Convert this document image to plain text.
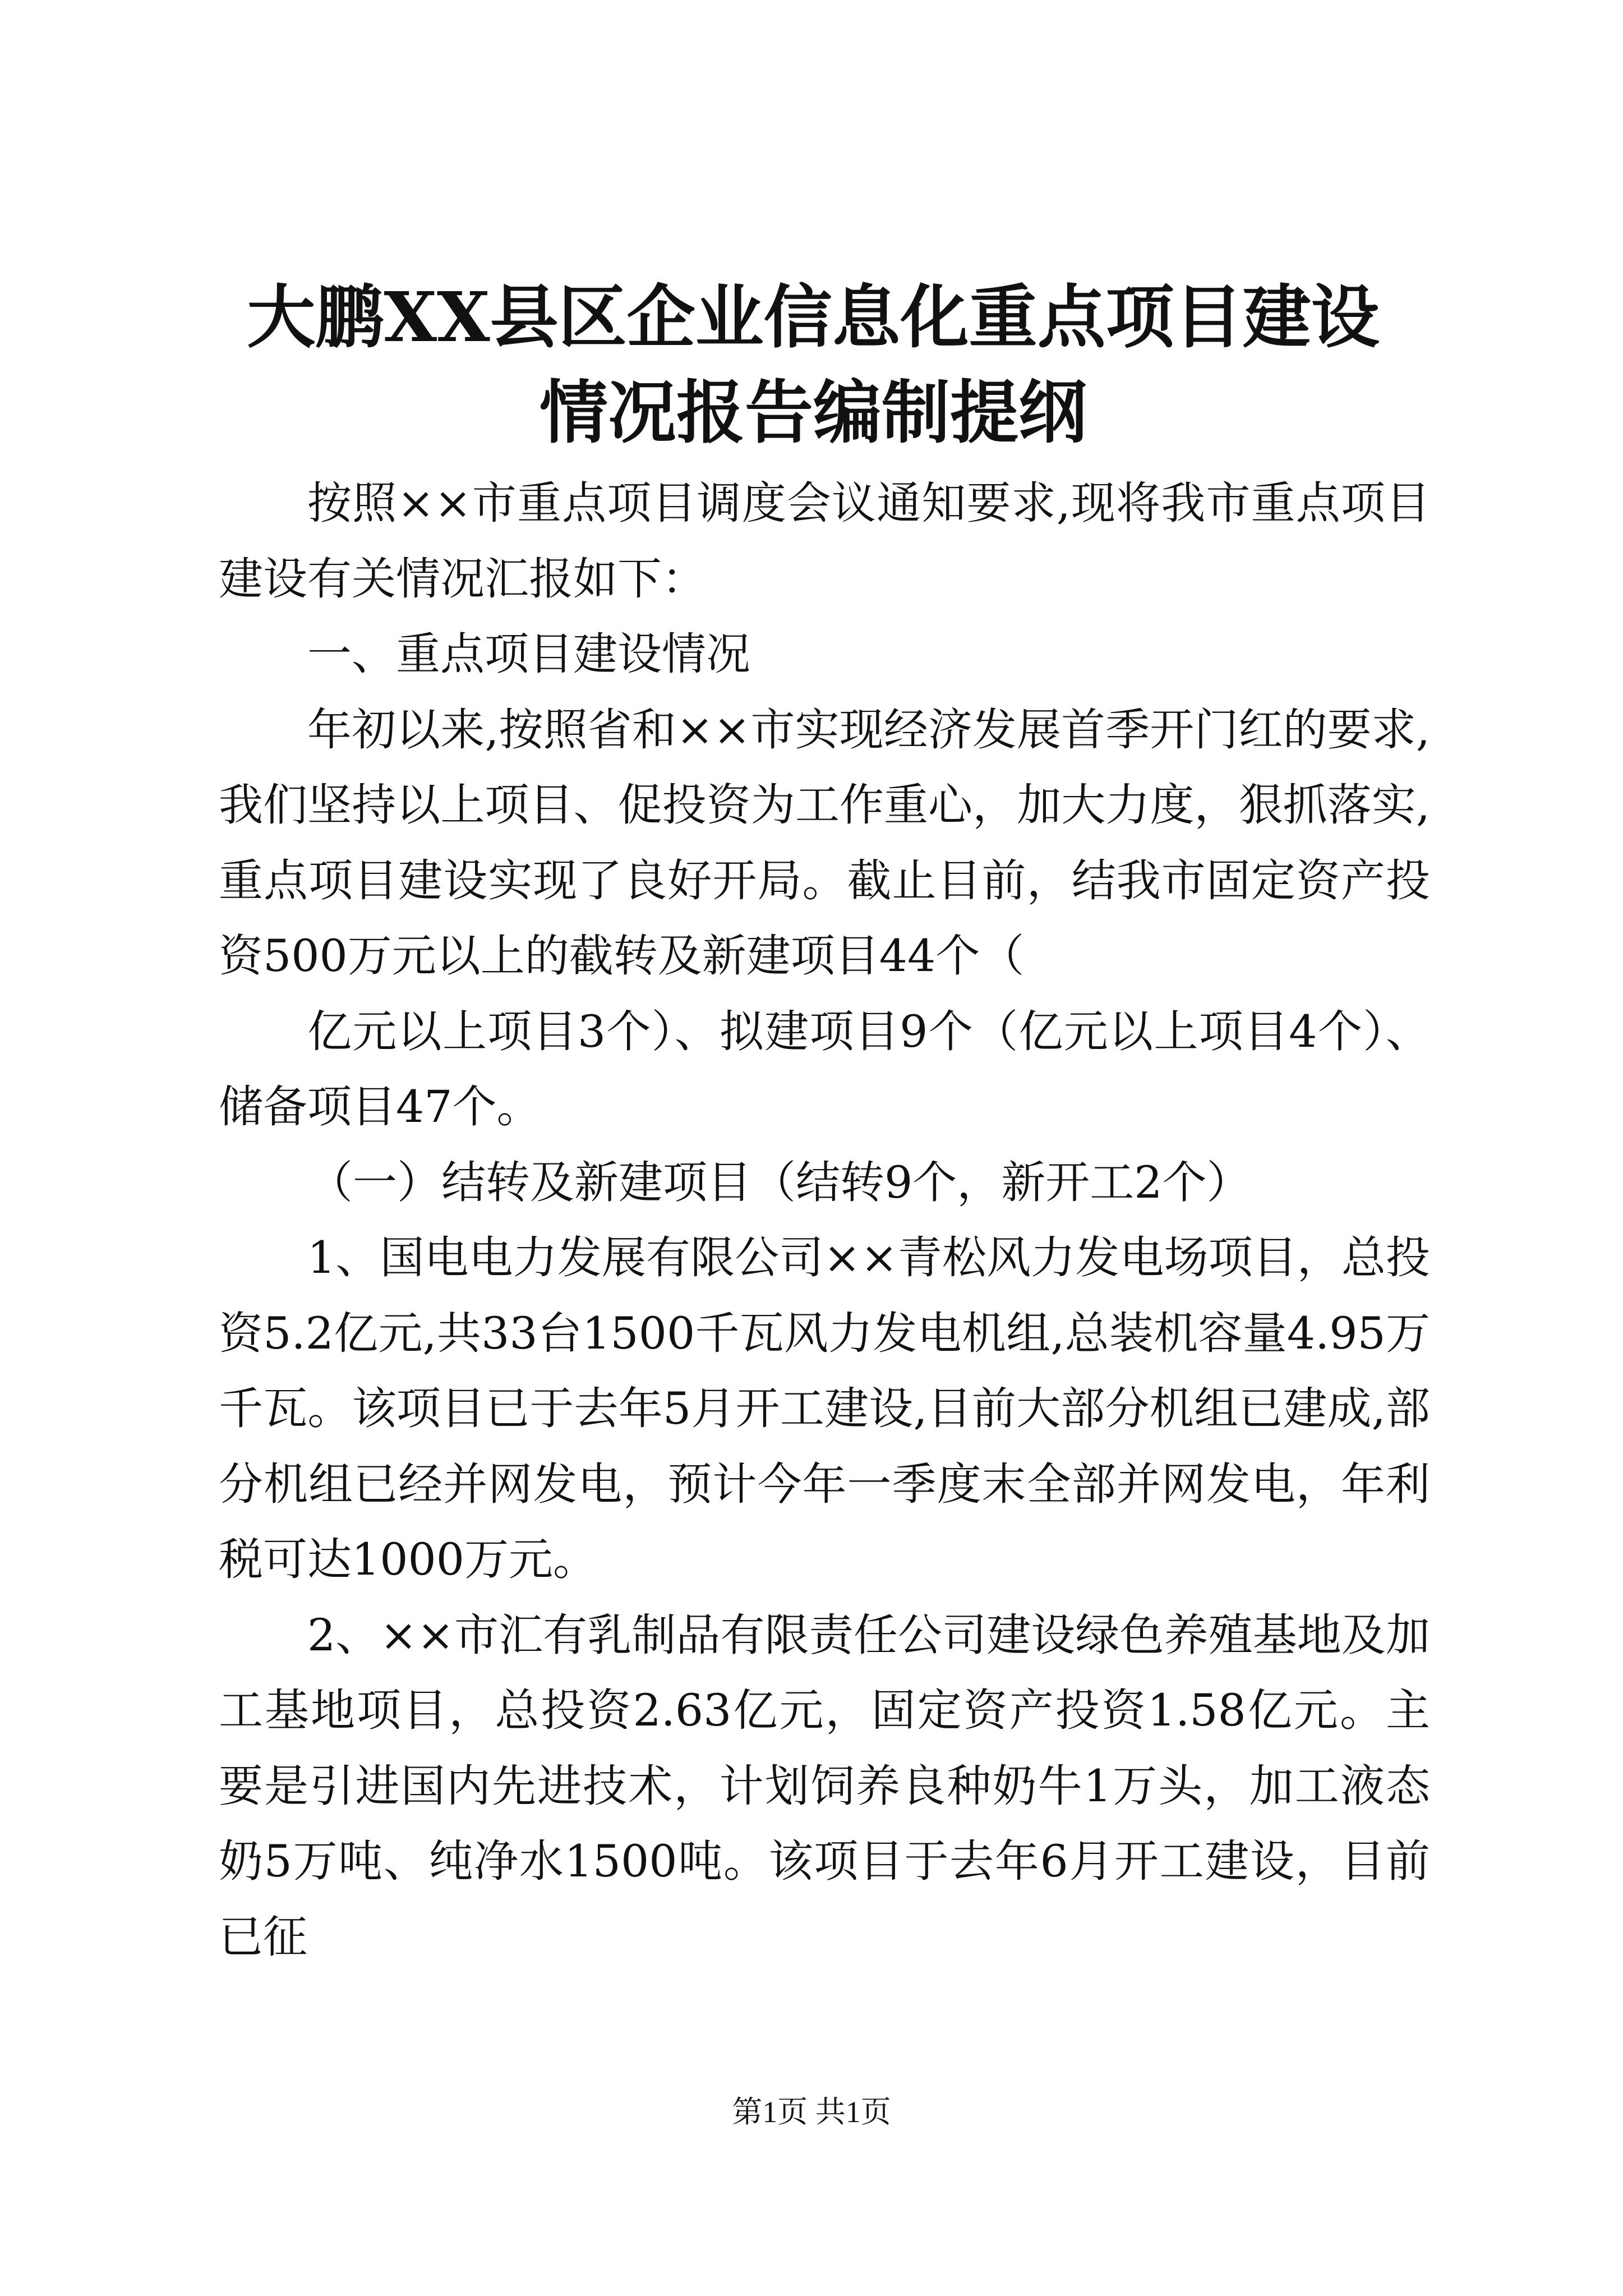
大鹏XX县区企业信息化重点项目建设情况报告编制提纲

按照××市重点项目调度会议通知要求,现将我市重点项目建设有关情况汇报如下：

一、重点项目建设情况

年初以来,按照省和××市实现经济发展首季开门红的要求,我们坚持以上项目、促投资为工作重心，加大力度，狠抓落实,重点项目建设实现了良好开局。截止目前，结我市固定资产投资500万元以上的截转及新建项目44个（

亿元以上项目3个）、拟建项目9个（亿元以上项目4个）、储备项目47个。

（一）结转及新建项目（结转9个，新开工2个）

1、国电电力发展有限公司××青松风力发电场项目，总投资5.2亿元,共33台1500千瓦风力发电机组,总装机容量4.95万千瓦。该项目已于去年5月开工建设,目前大部分机组已建成,部分机组已经并网发电，预计今年一季度末全部并网发电，年利税可达1000万元。

2、××市汇有乳制品有限责任公司建设绿色养殖基地及加工基地项目，总投资2.63亿元，固定资产投资1.58亿元。主要是引进国内先进技术，计划饲养良种奶牛1万头，加工液态奶5万吨、纯净水1500吨。该项目于去年6月开工建设，目前已征

第1页 共1页
